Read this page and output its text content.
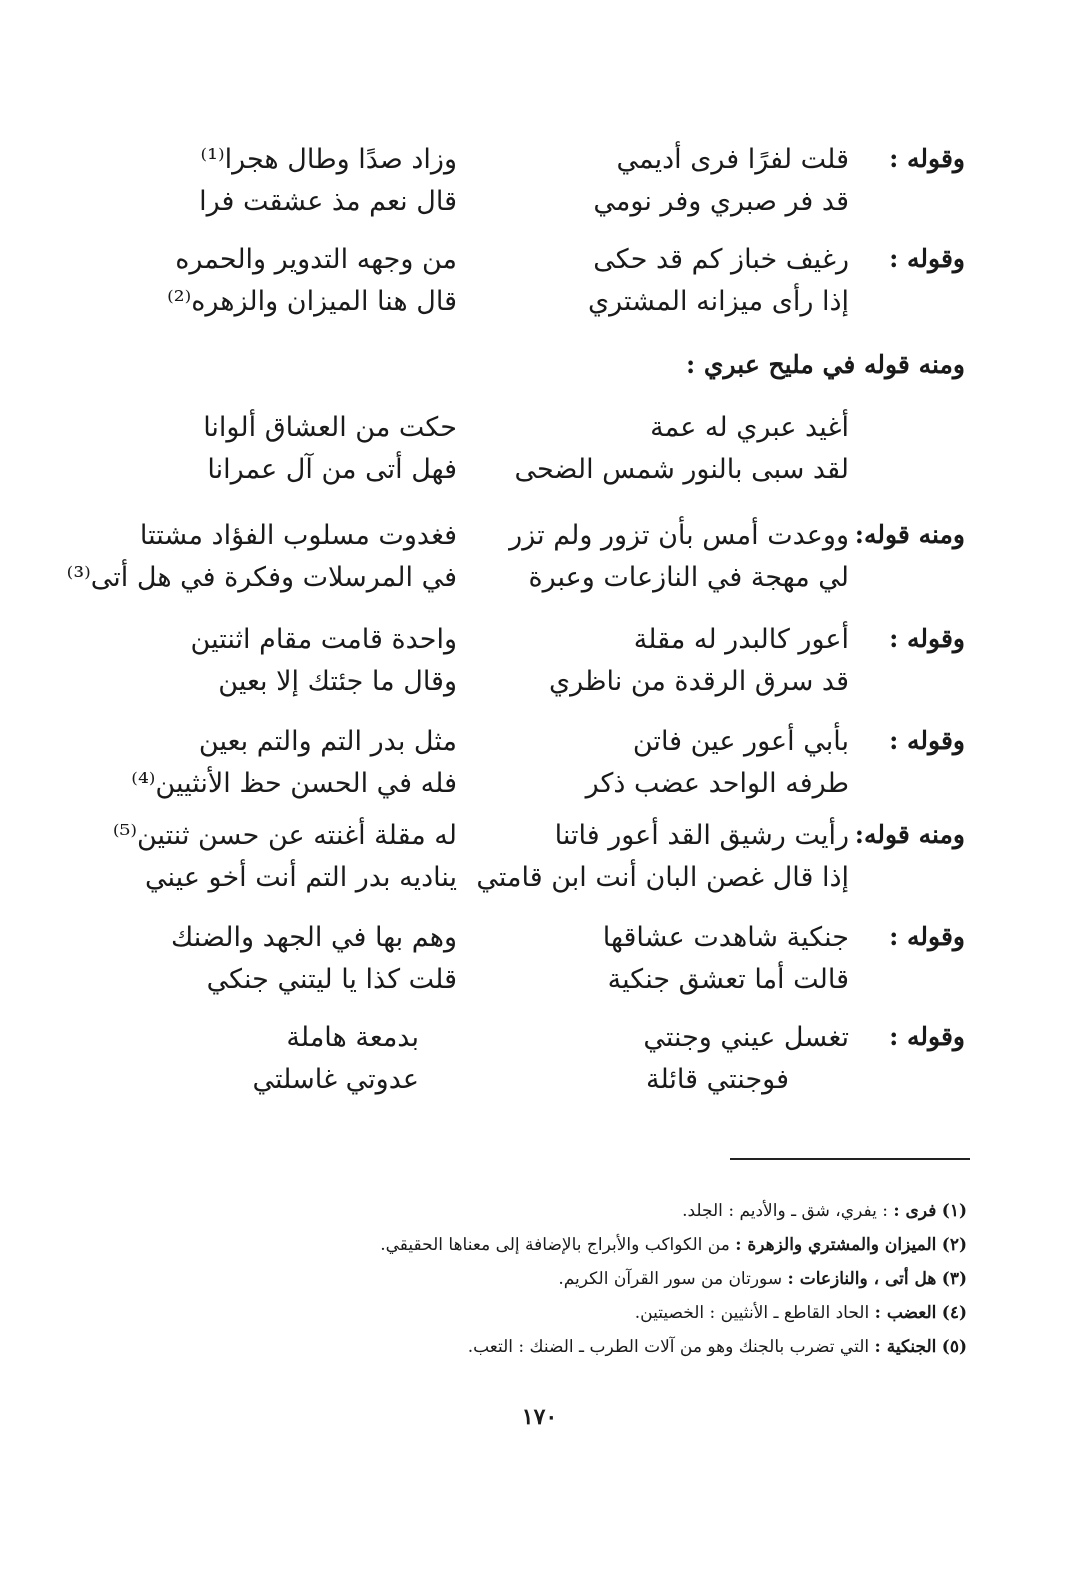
وقوله :
قلت لفرًا فرى أديمي
وزاد صدًا وطال هجرا⁽¹⁾
قد فر صبري وفر نومي
قال نعم مذ عشقت فرا
وقوله :
رغيف خباز كم قد حكى
من وجهه التدوير والحمره
إذا رأى ميزانه المشتري
قال هنا الميزان والزهره⁽²⁾
ومنه قوله في مليح عبري :
أغيد عبري له عمة
حكت من العشاق ألوانا
لقد سبى بالنور شمس الضحى
فهل أتى من آل عمرانا
ومنه قوله:
ووعدت أمس بأن تزور ولم تزر
فغدوت مسلوب الفؤاد مشتتا
لي مهجة في النازعات وعبرة
في المرسلات وفكرة في هل أتى⁽³⁾
وقوله :
أعور كالبدر له مقلة
واحدة قامت مقام اثنتين
قد سرق الرقدة من ناظري
وقال ما جئتك إلا بعين
وقوله :
بأبي أعور عين فاتن
مثل بدر التم والتم بعين
طرفه الواحد عضب ذكر
فله في الحسن حظ الأنثيين⁽⁴⁾
ومنه قوله:
رأيت رشيق القد أعور فاتنا
له مقلة أغنته عن حسن ثنتين⁽⁵⁾
إذا قال غصن البان أنت ابن قامتي
يناديه بدر التم أنت أخو عيني
وقوله :
جنكية شاهدت عشاقها
وهم بها في الجهد والضنك
قالت أما تعشق جنكية
قلت كذا يا ليتني جنكي
وقوله :
تغسل عيني وجنتي
بدمعة هاملة
فوجنتي قائلة
عدوتي غاسلتي
(١) فرى : : يفري، شق ـ والأديم : الجلد.
(٢) الميزان والمشتري والزهرة : من الكواكب والأبراج بالإضافة إلى معناها الحقيقي.
(٣) هل أتى ، والنازعات : سورتان من سور القرآن الكريم.
(٤) العضب : الحاد القاطع ـ الأنثيين : الخصيتين.
(٥) الجنكية : التي تضرب بالجنك وهو من آلات الطرب ـ الضنك : التعب.
١٧٠
